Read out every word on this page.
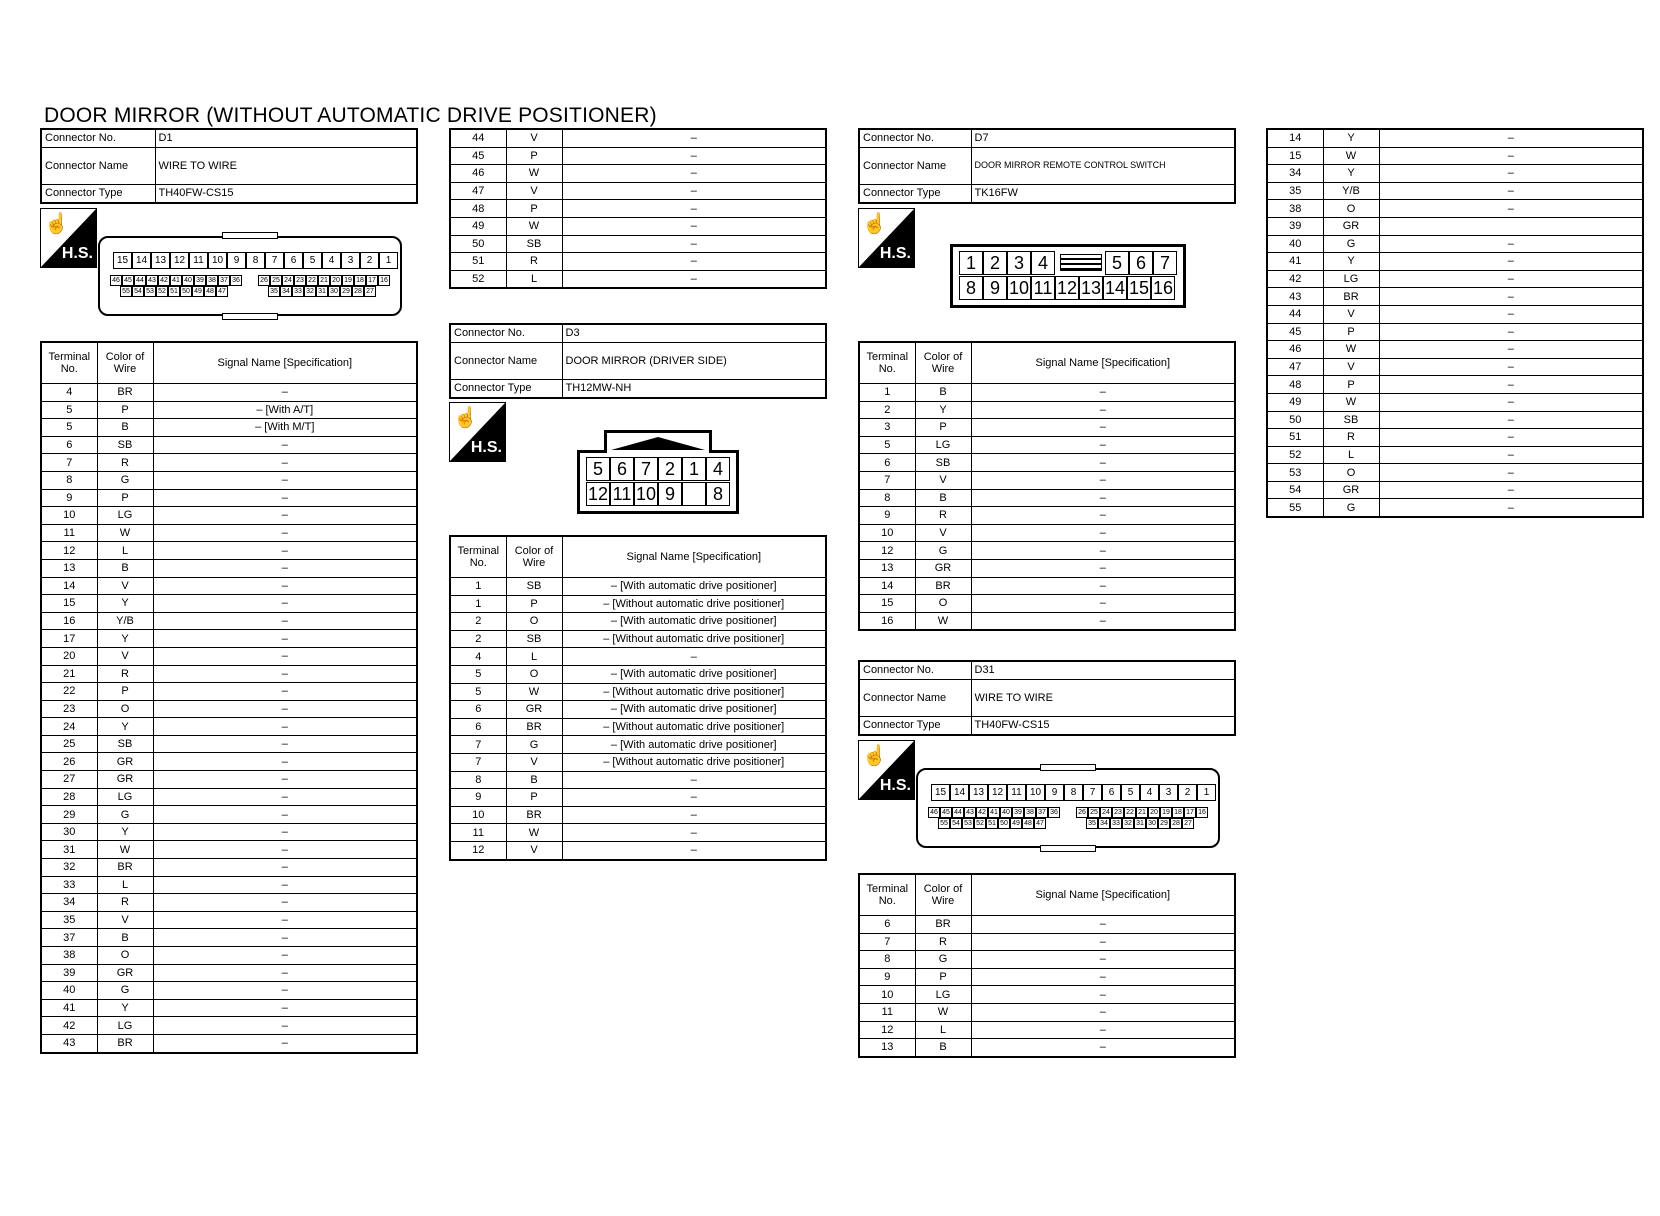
DOOR MIRROR (WITHOUT AUTOMATIC DRIVE POSITIONER)
Connector No.	D1
Connector Name	WIRE TO WIRE
Connector Type	TH40FW-CS15
☝
H.S.	15 14 13 12 11 10	9	8	7	6	5	4	3	2	1
46 45 44 43 42 41 40 39 38 37 36	26 25 24 23 22 21 20 19 18 17 16
55 54 53 52 51 50 49 48 47	35 34 33 32 31 30 29 28 27
Terminal No.	Color of Wire	Signal Name [Specification]
4	BR	–
5	P	– [With A/T]
5	B	– [With M/T]
6	SB	–
7	R	–
8	G	–
9	P	–
10	LG	–
11	W	–
12	L	–
13	B	–
14	V	–
15	Y	–
16	Y/B	–
17	Y	–
20	V	–
21	R	–
22	P	–
23	O	–
24	Y	–
25	SB	–
26	GR	–
27	GR	–
28	LG	–
29	G	–
30	Y	–
31	W	–
32	BR	–
33	L	–
34	R	–
35	V	–
37	B	–
38	O	–
39	GR	–
40	G	–
41	Y	–
42	LG	–
43	BR	–
44	V	–
45	P	–
46	W	–
47	V	–
48	P	–
49	W	–
50	SB	–
51	R	–
52	L	–
Connector No.	D3
Connector Name	DOOR MIRROR (DRIVER SIDE)
Connector Type	TH12MW-NH
☝
H.S.
5 6 7 2 1 4
12 11 10 9	8
Terminal No.	Color of Wire	Signal Name [Specification]
1	SB	– [With automatic drive positioner]
1	P	– [Without automatic drive positioner]
2	O	– [With automatic drive positioner]
2	SB	– [Without automatic drive positioner]
4	L	–
5	O	– [With automatic drive positioner]
5	W	– [Without automatic drive positioner]
6	GR	– [With automatic drive positioner]
6	BR	– [Without automatic drive positioner]
7	G	– [With automatic drive positioner]
7	V	– [Without automatic drive positioner]
8	B	–
9	P	–
10	BR	–
11	W	–
12	V	–
Connector No.	D7
Connector Name	DOOR MIRROR REMOTE CONTROL SWITCH
Connector Type	TK16FW
☝
H.S.	1 2 3 4	5 6 7
8 9 10 11 12 13 14 15 16
Terminal No.	Color of Wire	Signal Name [Specification]
1	B	–
2	Y	–
3	P	–
5	LG	–
6	SB	–
7	V	–
8	B	–
9	R	–
10	V	–
12	G	–
13	GR	–
14	BR	–
15	O	–
16	W	–
Connector No.	D31
Connector Name	WIRE TO WIRE
Connector Type	TH40FW-CS15
☝
H.S.	15 14 13 12 11 10	9	8	7	6	5	4	3	2	1
46 45 44 43 42 41 40 39 38 37 36	26 25 24 23 22 21 20 19 18 17 16
55 54 53 52 51 50 49 48 47	35 34 33 32 31 30 29 28 27
Terminal No.	Color of Wire	Signal Name [Specification]
6	BR	–
7	R	–
8	G	–
9	P	–
10	LG	–
11	W	–
12	L	–
13	B	–
14	Y	–
15	W	–
34	Y	–
35	Y/B	–
38	O	–
39	GR	
40	G	–
41	Y	–
42	LG	–
43	BR	–
44	V	–
45	P	–
46	W	–
47	V	–
48	P	–
49	W	–
50	SB	–
51	R	–
52	L	–
53	O	–
54	GR	–
55	G	–
